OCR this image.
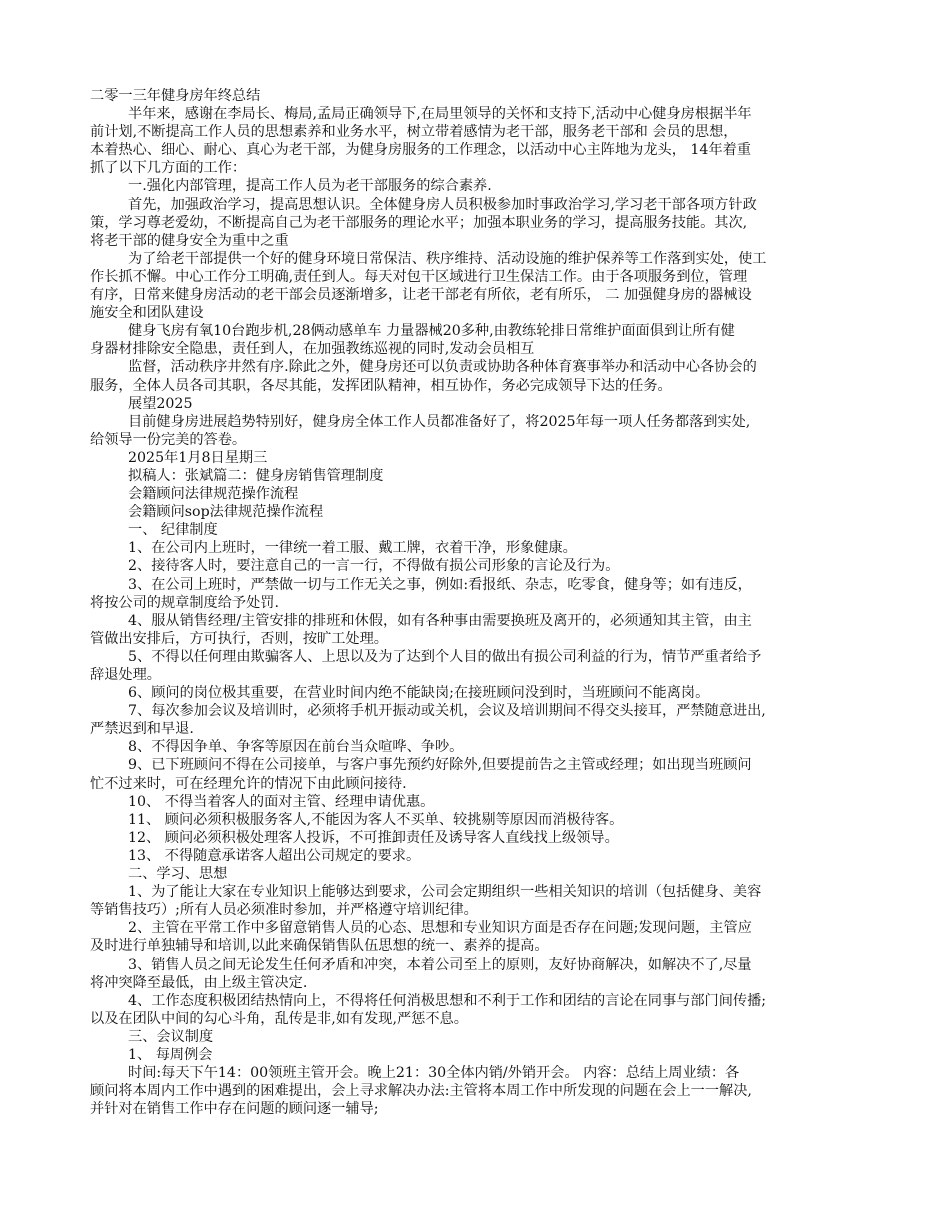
二零一三年健身房年终总结
半年来，感谢在李局长、梅局,孟局正确领导下,在局里领导的关怀和支持下,活动中心健身房根据半年
前计划,不断提高工作人员的思想素养和业务水平，树立带着感情为老干部，服务老干部和 会员的思想，
本着热心、细心、耐心、真心为老干部，为健身房服务的工作理念，以活动中心主阵地为龙头， 14年着重
抓了以下几方面的工作：
一.强化内部管理，提高工作人员为老干部服务的综合素养.
首先，加强政治学习，提高思想认识。全体健身房人员积极参加时事政治学习,学习老干部各项方针政
策，学习尊老爱幼，不断提高自己为老干部服务的理论水平；加强本职业务的学习，提高服务技能。其次,
将老干部的健身安全为重中之重
为了给老干部提供一个好的健身环境日常保洁、秩序维持、活动设施的维护保养等工作落到实处，使工
作长抓不懈。中心工作分工明确,责任到人。每天对包干区域进行卫生保洁工作。由于各项服务到位，管理
有序，日常来健身房活动的老干部会员逐渐增多，让老干部老有所依，老有所乐， 二 加强健身房的器械设
施安全和团队建设
健身飞房有氧10台跑步机,28俩动感单车 力量器械20多种,由教练轮排日常维护面面俱到让所有健
身器材排除安全隐患，责任到人，在加强教练巡视的同时,发动会员相互
监督，活动秩序井然有序.除此之外，健身房还可以负责或协助各种体育赛事举办和活动中心各协会的
服务，全体人员各司其职，各尽其能，发挥团队精神，相互协作，务必完成领导下达的任务。
展望2025
目前健身房进展趋势特别好，健身房全体工作人员都准备好了，将2025年每一项人任务都落到实处,
给领导一份完美的答卷。
2025年1月8日星期三
拟稿人：张斌篇二：健身房销售管理制度
会籍顾问法律规范操作流程
会籍顾问sop法律规范操作流程
一、 纪律制度
1、在公司内上班时，一律统一着工服、戴工牌，衣着干净，形象健康。
2、接待客人时，要注意自己的一言一行，不得做有损公司形象的言论及行为。
3、在公司上班时，严禁做一切与工作无关之事，例如:看报纸、杂志，吃零食，健身等；如有违反，
将按公司的规章制度给予处罚.
4、服从销售经理/主管安排的排班和休假，如有各种事由需要换班及离开的，必须通知其主管，由主
管做出安排后，方可执行，否则，按旷工处理。
5、不得以任何理由欺骗客人、上思以及为了达到个人目的做出有损公司利益的行为，情节严重者给予
辞退处理。
6、顾问的岗位极其重要，在营业时间内绝不能缺岗;在接班顾问没到时，当班顾问不能离岗。
7、每次参加会议及培训时，必须将手机开振动或关机，会议及培训期间不得交头接耳，严禁随意进出,
严禁迟到和早退.
8、不得因争单、争客等原因在前台当众喧哗、争吵。
9、已下班顾问不得在公司接单，与客户事先预约好除外,但要提前告之主管或经理；如出现当班顾问
忙不过来时，可在经理允许的情况下由此顾问接待.
10、 不得当着客人的面对主管、经理申请优惠。
11、 顾问必须积极服务客人,不能因为客人不买单、较挑剔等原因而消极待客。
12、 顾问必须积极处理客人投诉，不可推卸责任及诱导客人直线找上级领导。
13、 不得随意承诺客人超出公司规定的要求。
二、学习、思想
1、为了能让大家在专业知识上能够达到要求，公司会定期组织一些相关知识的培训（包括健身、美容
等销售技巧）;所有人员必须准时参加，并严格遵守培训纪律。
2、主管在平常工作中多留意销售人员的心态、思想和专业知识方面是否存在问题;发现问题，主管应
及时进行单独辅导和培训,以此来确保销售队伍思想的统一、素养的提高。
3、销售人员之间无论发生任何矛盾和冲突，本着公司至上的原则，友好协商解决，如解决不了,尽量
将冲突降至最低，由上级主管决定.
4、工作态度积极团结热情向上，不得将任何消极思想和不利于工作和团结的言论在同事与部门间传播;
以及在团队中间的勾心斗角，乱传是非,如有发现,严惩不息。
三、会议制度
1、 每周例会
时间:每天下午14：00领班主管开会。晚上21：30全体内销/外销开会。 内容：总结上周业绩：各
顾问将本周内工作中遇到的困难提出，会上寻求解决办法:主管将本周工作中所发现的问题在会上一一解决,
并针对在销售工作中存在问题的顾问逐一辅导;
